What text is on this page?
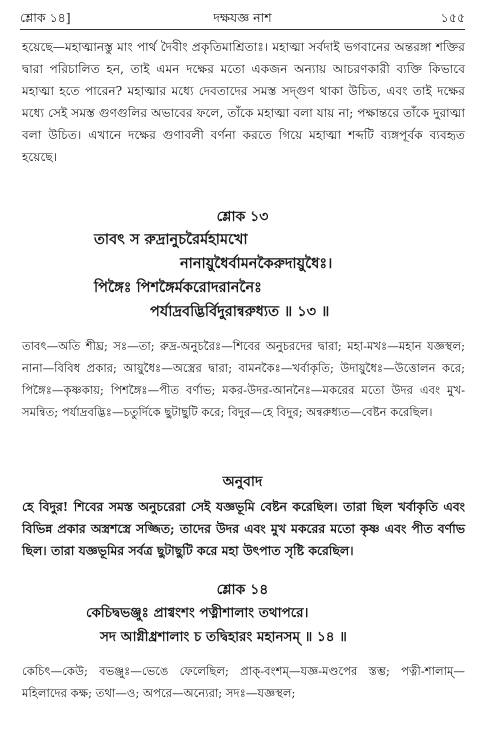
শ্লোক ১৪]	দক্ষযজ্ঞ নাশ	১৫৫
হয়েছে—মহাত্মানস্তু মাং পার্থ দৈবীং প্রকৃতিমাশ্রিতাঃ। মহাত্মা সর্বদাই ভগবানের অন্তরঙ্গা শক্তির দ্বারা পরিচালিত হন, তাই এমন দক্ষের মতো একজন অন্যায় আচরণকারী ব্যক্তি কিভাবে মহাত্মা হতে পারেন? মহাত্মার মধ্যে দেবতাদের সমস্ত সদ্গুণ থাকা উচিত, এবং তাই দক্ষের মধ্যে সেই সমস্ত গুণগুলির অভাবের ফলে, তাঁকে মহাত্মা বলা যায় না; পক্ষান্তরে তাঁকে দুরাত্মা বলা উচিত। এখানে দক্ষের গুণাবলী বর্ণনা করতে গিয়ে মহাত্মা শব্দটি ব্যঙ্গপূর্বক ব্যবহৃত হয়েছে।
শ্লোক ১৩
তাবৎ স রুদ্রানুচরৈর্মহামখো
নানায়ুধৈর্বামনকৈরুদায়ুধৈঃ।
পিঙ্গৈঃ পিশঙ্গৈর্মকরোদরাননৈঃ
পর্যাদ্রবদ্ভির্বিদুরান্বরুধ্যত ॥ ১৩ ॥
তাবৎ—অতি শীঘ্র; সঃ—তা; রুদ্র-অনুচরৈঃ—শিবের অনুচরদের দ্বারা; মহা-মখঃ—মহান যজ্ঞস্থল; নানা—বিবিধ প্রকার; আয়ুধৈঃ—অস্ত্রের দ্বারা; বামনকৈঃ—খর্বাকৃতি; উদায়ুধৈঃ—উত্তোলন করে; পিঙ্গৈঃ—কৃষ্ণকায়; পিশঙ্গৈঃ—পীত বর্ণাভ; মকর-উদর-আননৈঃ—মকরের মতো উদর এবং মুখ-সমন্বিত; পর্যাদ্রবদ্ভিঃ—চতুর্দিকে ছুটাছুটি করে; বিদুর—হে বিদুর; অন্বরুধ্যত—বেষ্টন করেছিল।
অনুবাদ
হে বিদুর! শিবের সমস্ত অনুচরেরা সেই যজ্ঞভূমি বেষ্টন করেছিল। তারা ছিল খর্বাকৃতি এবং বিভিন্ন প্রকার অস্ত্রশস্ত্রে সজ্জিত; তাদের উদর এবং মুখ মকরের মতো কৃষ্ণ এবং পীত বর্ণাভ ছিল। তারা যজ্ঞভূমির সর্বত্র ছুটাছুটি করে মহা উৎপাত সৃষ্টি করেছিল।
শ্লোক ১৪
কেচিদ্বভঞ্জুঃ প্রাগ্বংশং পত্নীশালাং তথাপরে।
সদ আগ্নীধ্রশালাং চ তদ্বিহারং মহানসম্ ॥ ১৪ ॥
কেচিৎ—কেউ; বভঞ্জুঃ—ভেঙে ফেলেছিল; প্রাক্-বংশম্—যজ্ঞ-মণ্ডপের স্তম্ভ; পত্নী-শালাম্—মহিলাদের কক্ষ; তথা—ও; অপরে—অন্যেরা; সদঃ—যজ্ঞস্থল;
